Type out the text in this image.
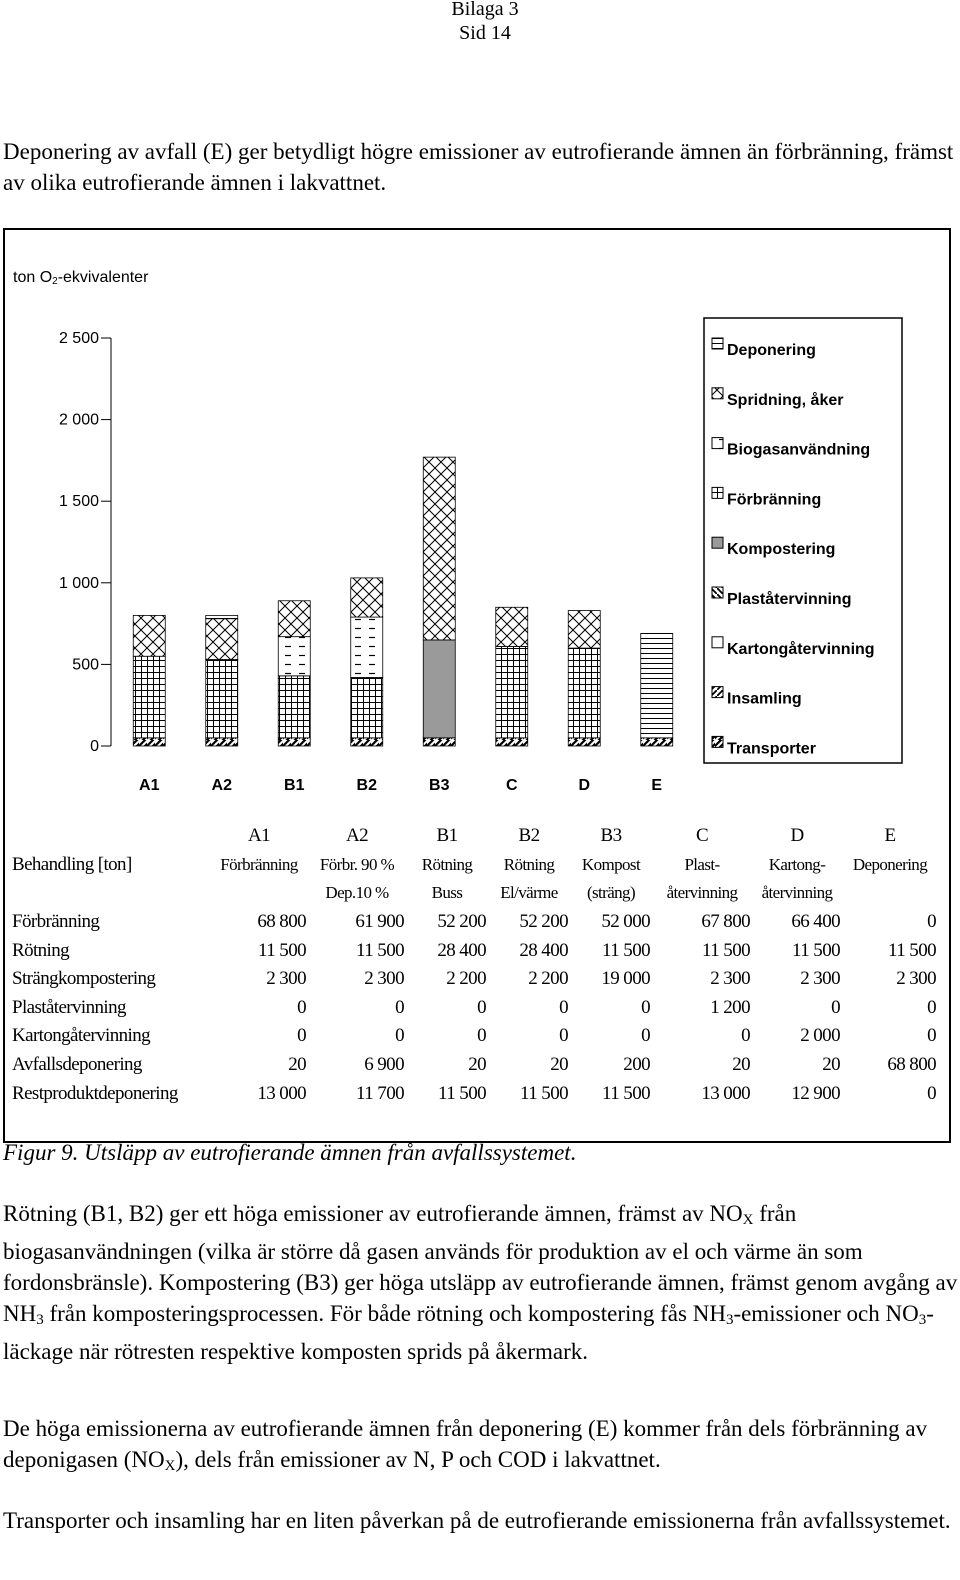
Bilaga 3
Sid 14

Deponering av avfall (E) ger betydligt högre emissioner av eutrofierande ämnen än förbränning, främst av olika eutrofierande ämnen i lakvattnet.

ton O2-ekvivalenter
2 500
2 000
1 500
1 000
500
0
A1	A2	B1	B2	B3	C	D	E
Deponering
Spridning, åker
Biogasanvändning
Förbränning
Kompostering
Plaståtervinning
Kartongåtervinning
Insamling
Transporter
	A1	A2	B1	B2	B3	C	D	E
Behandling [ton]	Förbränning	Förbr. 90 %	Rötning	Rötning	Kompost	Plast-	Kartong-	Deponering
		Dep.10 %	Buss	El/värme	(sträng)	återvinning	återvinning	
Förbränning	68 800	61 900	52 200	52 200	52 000	67 800	66 400	0
Rötning	11 500	11 500	28 400	28 400	11 500	11 500	11 500	11 500
Strängkompostering	2 300	2 300	2 200	2 200	19 000	2 300	2 300	2 300
Plaståtervinning	0	0	0	0	0	1 200	0	0
Kartongåtervinning	0	0	0	0	0	0	2 000	0
Avfallsdeponering	20	6 900	20	20	200	20	20	68 800
Restproduktdeponering	13 000	11 700	11 500	11 500	11 500	13 000	12 900	0
Figur 9. Utsläpp av eutrofierande ämnen från avfallssystemet.

Rötning (B1, B2) ger ett höga emissioner av eutrofierande ämnen, främst av $NO_X$ från biogasanvändningen (vilka är större då gasen används för produktion av el och värme än som fordonsbränsle). Kompostering (B3) ger höga utsläpp av eutrofierande ämnen, främst genom avgång av $NH_3$ från komposteringsprocessen. För både rötning och kompostering fås $NH_3$-emissioner och $NO_3$-läckage när rötresten respektive komposten sprids på åkermark.

De höga emissionerna av eutrofierande ämnen från deponering (E) kommer från dels förbränning av deponigasen $(NO_X)$, dels från emissioner av N, P och COD i lakvattnet.

Transporter och insamling har en liten påverkan på de eutrofierande emissionerna från avfallssystemet.
